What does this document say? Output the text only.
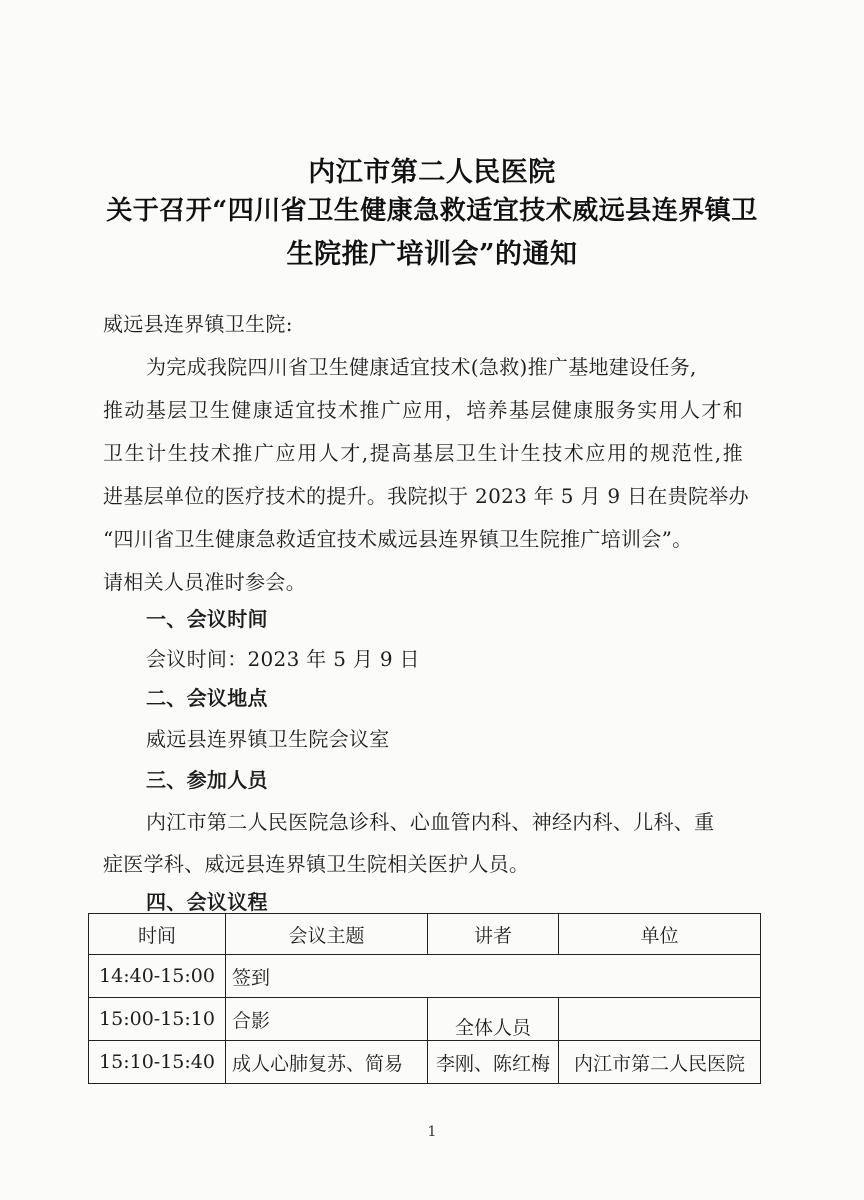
内江市第二人民医院
关于召开“四川省卫生健康急救适宜技术威远县连界镇卫
生院推广培训会”的通知
威远县连界镇卫生院:
为完成我院四川省卫生健康适宜技术(急救)推广基地建设任务,
推动基层卫生健康适宜技术推广应用，培养基层健康服务实用人才和
卫生计生技术推广应用人才,提高基层卫生计生技术应用的规范性,推
进基层单位的医疗技术的提升。我院拟于 2023 年 5 月 9 日在贵院举办
“四川省卫生健康急救适宜技术威远县连界镇卫生院推广培训会”。
请相关人员准时参会。
一、会议时间
会议时间：2023 年 5 月 9 日
二、会议地点
威远县连界镇卫生院会议室
三、参加人员
内江市第二人民医院急诊科、心血管内科、神经内科、儿科、重
症医学科、威远县连界镇卫生院相关医护人员。
四、会议议程
时间	会议主题	讲者	单位
14:40-15:00	签到		
15:00-15:10	合影	全体人员	
15:10-15:40	成人心肺复苏、简易	李刚、陈红梅	内江市第二人民医院
1
